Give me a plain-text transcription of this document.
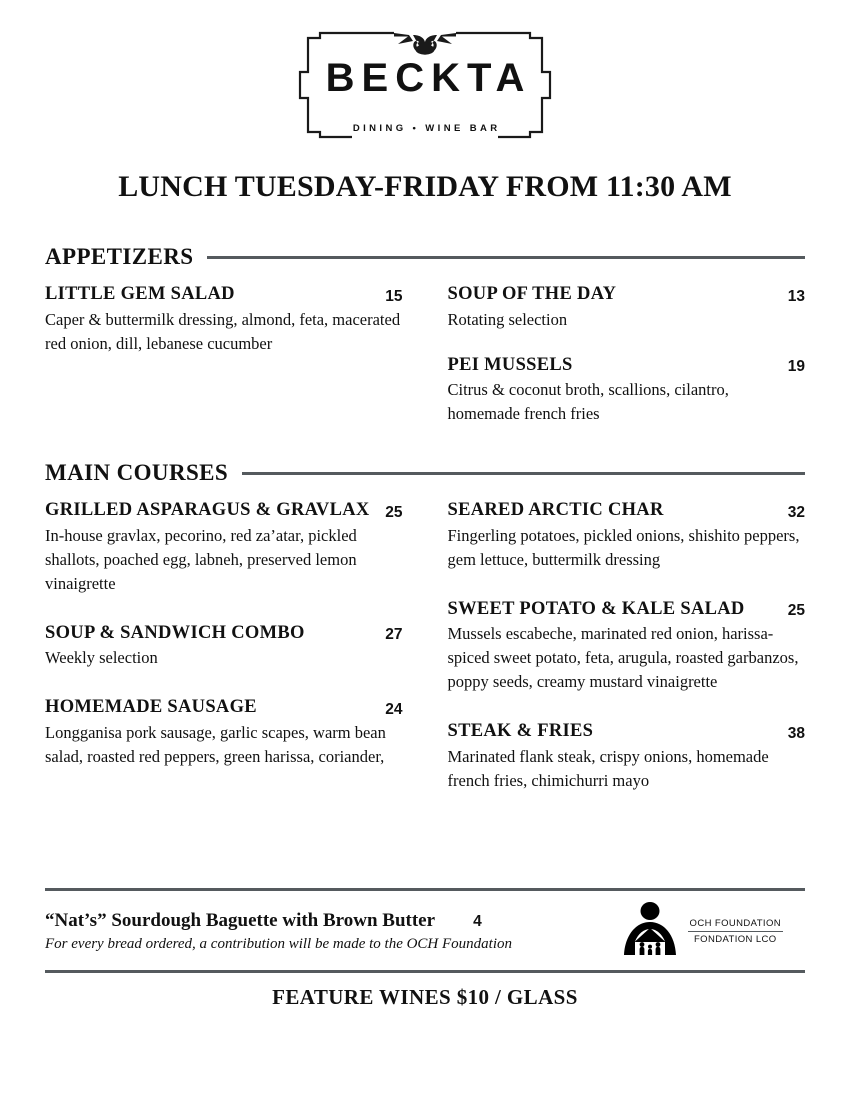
BECKTA
DINING • WINE BAR
LUNCH TUESDAY-FRIDAY FROM 11:30 AM
APPETIZERS
LITTLE GEM SALAD	15
Caper & buttermilk dressing, almond, feta, macerated red onion, dill, lebanese cucumber
SOUP OF THE DAY	13
Rotating selection
PEI MUSSELS	19
Citrus & coconut broth, scallions, cilantro, homemade french fries
MAIN COURSES
GRILLED ASPARAGUS & GRAVLAX 25
In-house gravlax, pecorino, red za’atar, pickled shallots, poached egg, labneh, preserved lemon vinaigrette
SOUP & SANDWICH COMBO	27
Weekly selection
HOMEMADE SAUSAGE	24
Longganisa pork sausage, garlic scapes, warm bean salad, roasted red peppers, green harissa, coriander,
SEARED ARCTIC CHAR	32
Fingerling potatoes, pickled onions, shishito peppers, gem lettuce, buttermilk dressing
SWEET POTATO & KALE SALAD	25
Mussels escabeche, marinated red onion, harissa-spiced sweet potato, feta, arugula, roasted garbanzos, poppy seeds, creamy mustard vinaigrette
STEAK & FRIES	38
Marinated flank steak, crispy onions, homemade french fries, chimichurri mayo
“Nat’s” Sourdough Baguette with Brown Butter 4
For every bread ordered, a contribution will be made to the OCH Foundation
OCH FOUNDATION
FONDATION LCO
FEATURE WINES $10 / GLASS
